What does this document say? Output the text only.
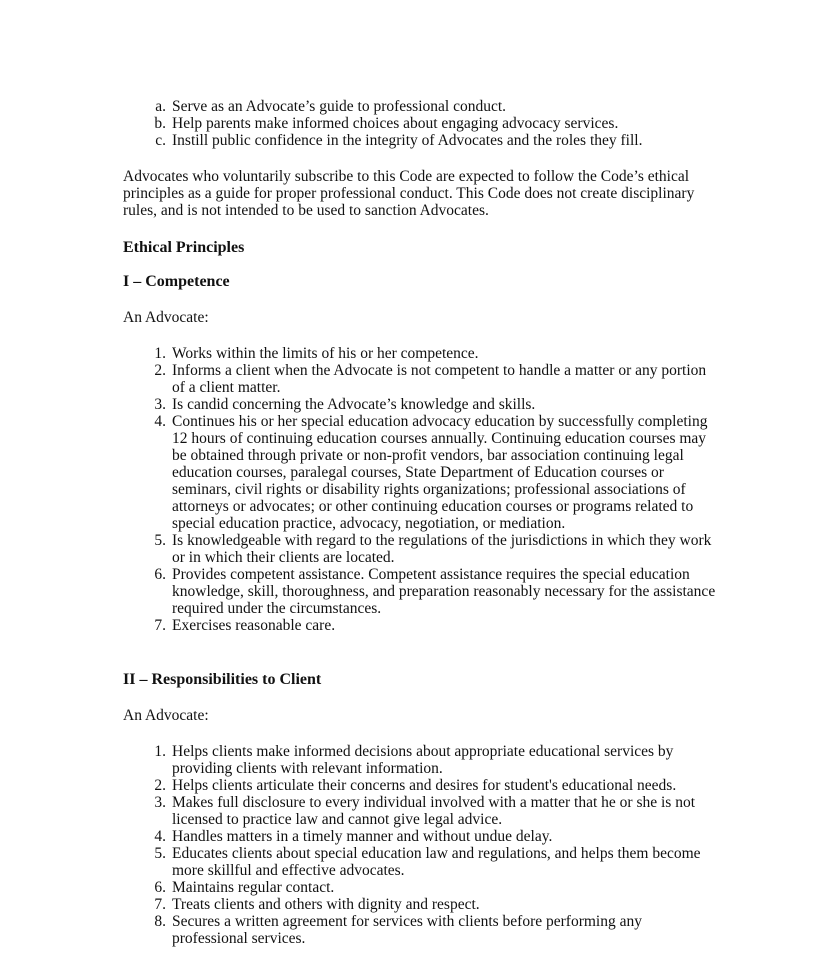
a. Serve as an Advocate’s guide to professional conduct.
b. Help parents make informed choices about engaging advocacy services.
c. Instill public confidence in the integrity of Advocates and the roles they fill.

Advocates who voluntarily subscribe to this Code are expected to follow the Code’s ethical principles as a guide for proper professional conduct. This Code does not create disciplinary rules, and is not intended to be used to sanction Advocates.

Ethical Principles
I – Competence

An Advocate:

1. Works within the limits of his or her competence.
2. Informs a client when the Advocate is not competent to handle a matter or any portion of a client matter.
3. Is candid concerning the Advocate’s knowledge and skills.
4. Continues his or her special education advocacy education by successfully completing 12 hours of continuing education courses annually. Continuing education courses may be obtained through private or non-profit vendors, bar association continuing legal education courses, paralegal courses, State Department of Education courses or seminars, civil rights or disability rights organizations; professional associations of attorneys or advocates; or other continuing education courses or programs related to special education practice, advocacy, negotiation, or mediation.
5. Is knowledgeable with regard to the regulations of the jurisdictions in which they work or in which their clients are located.
6. Provides competent assistance. Competent assistance requires the special education knowledge, skill, thoroughness, and preparation reasonably necessary for the assistance required under the circumstances.
7. Exercises reasonable care.
II – Responsibilities to Client

An Advocate:

1. Helps clients make informed decisions about appropriate educational services by providing clients with relevant information.
2. Helps clients articulate their concerns and desires for student's educational needs.
3. Makes full disclosure to every individual involved with a matter that he or she is not licensed to practice law and cannot give legal advice.
4. Handles matters in a timely manner and without undue delay.
5. Educates clients about special education law and regulations, and helps them become more skillful and effective advocates.
6. Maintains regular contact.
7. Treats clients and others with dignity and respect.
8. Secures a written agreement for services with clients before performing any professional services.
